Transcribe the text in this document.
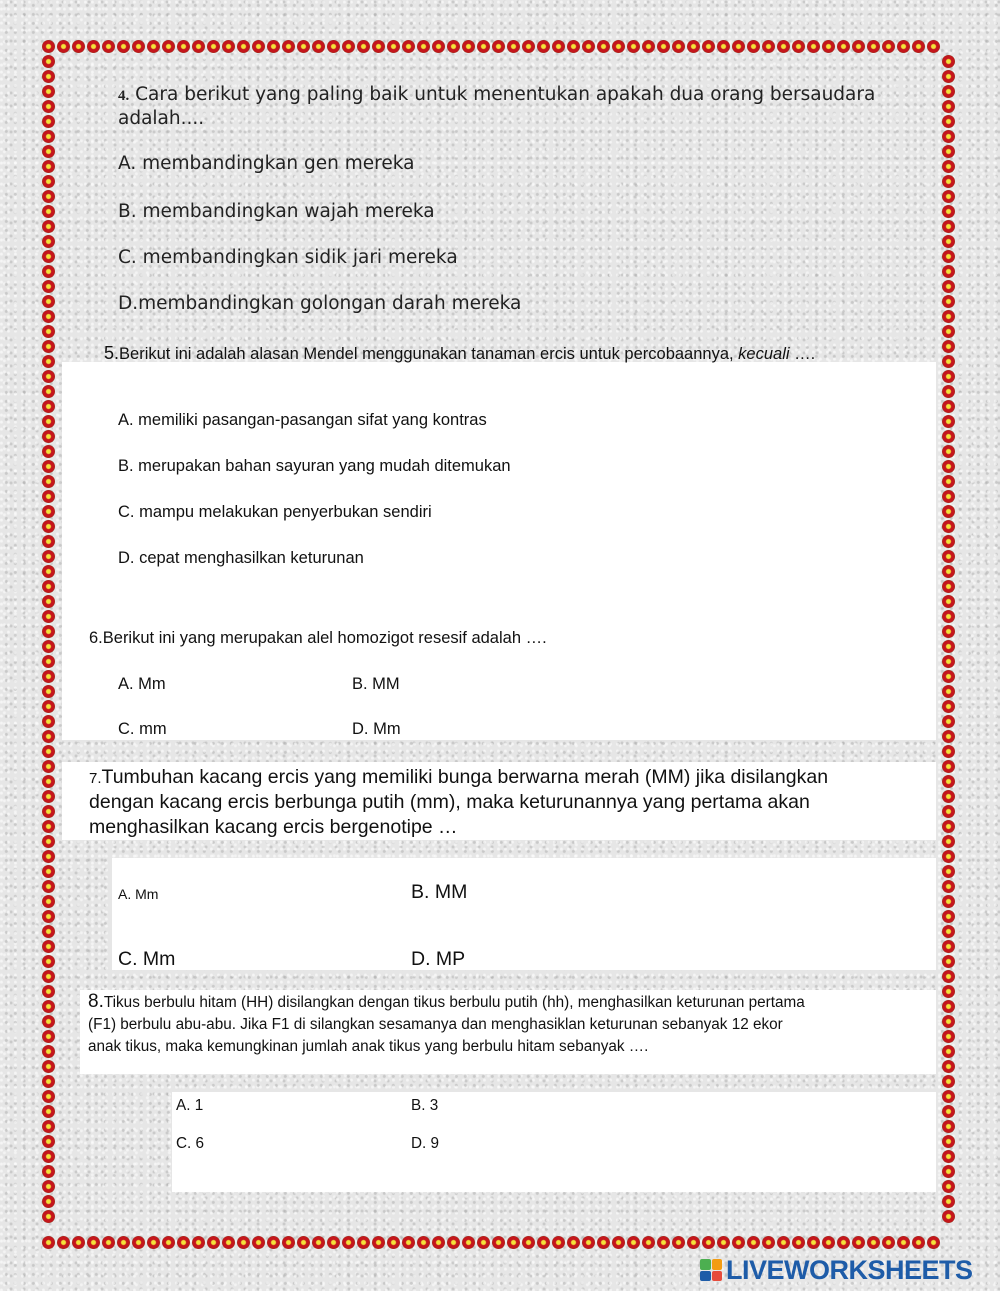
4. Cara berikut yang paling baik untuk menentukan apakah dua orang bersaudara
adalah....
A. membandingkan gen mereka
B. membandingkan wajah mereka
C. membandingkan sidik jari mereka
D.membandingkan golongan darah mereka
5.Berikut ini adalah alasan Mendel menggunakan tanaman ercis untuk percobaannya, kecuali ….
A. memiliki pasangan-pasangan sifat yang kontras
B. merupakan bahan sayuran yang mudah ditemukan
C. mampu melakukan penyerbukan sendiri
D. cepat menghasilkan keturunan
6.Berikut ini yang merupakan alel homozigot resesif adalah ….
A. Mm	B. MM
C. mm	D. Mm
7.Tumbuhan kacang ercis yang memiliki bunga berwarna merah (MM) jika disilangkan
dengan kacang ercis berbunga putih (mm), maka keturunannya yang pertama akan
menghasilkan kacang ercis bergenotipe …
A. Mm	B. MM
C. Mm	D. MP
8.Tikus berbulu hitam (HH) disilangkan dengan tikus berbulu putih (hh), menghasilkan keturunan pertama
(F1) berbulu abu-abu. Jika F1 di silangkan sesamanya dan menghasiklan keturunan sebanyak 12 ekor
anak tikus, maka kemungkinan jumlah anak tikus yang berbulu hitam sebanyak ….
A. 1	B. 3
C. 6	D. 9
LIVEWORKSHEETS
